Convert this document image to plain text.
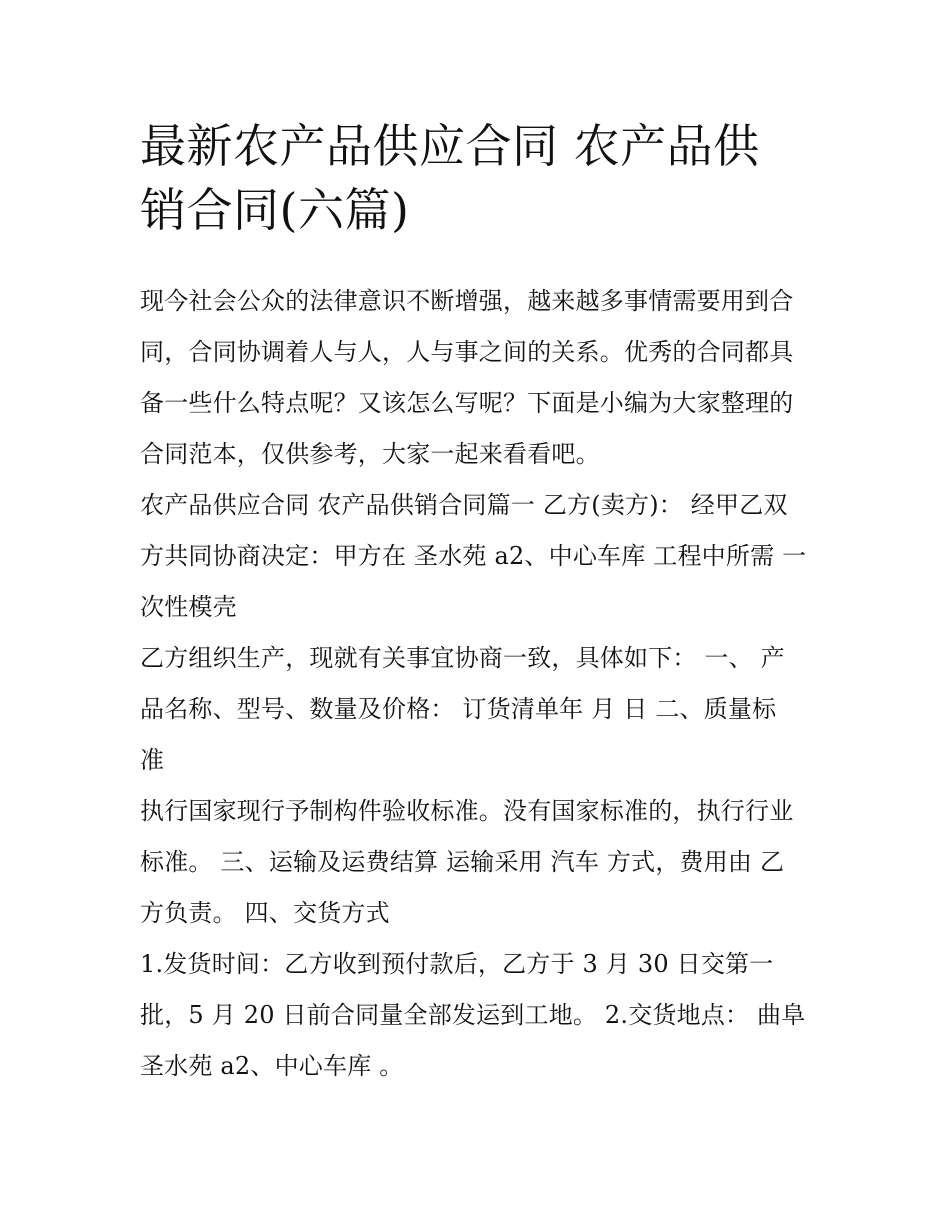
最新农产品供应合同 农产品供
销合同(六篇)

现今社会公众的法律意识不断增强，越来越多事情需要用到合
同，合同协调着人与人，人与事之间的关系。优秀的合同都具
备一些什么特点呢？又该怎么写呢？下面是小编为大家整理的
合同范本，仅供参考，大家一起来看看吧。

农产品供应合同 农产品供销合同篇一 乙方(卖方)： 经甲乙双
方共同协商决定：甲方在 圣水苑 a2、中心车库 工程中所需 一
次性模壳

乙方组织生产，现就有关事宜协商一致，具体如下： 一、 产
品名称、型号、数量及价格： 订货清单年 月 日 二、质量标
准

执行国家现行予制构件验收标准。没有国家标准的，执行行业
标准。 三、运输及运费结算 运输采用 汽车 方式，费用由 乙
方负责。 四、交货方式

1.发货时间：乙方收到预付款后，乙方于 3 月 30 日交第一
批，5 月 20 日前合同量全部发运到工地。 2.交货地点： 曲阜
圣水苑 a2、中心车库 。
